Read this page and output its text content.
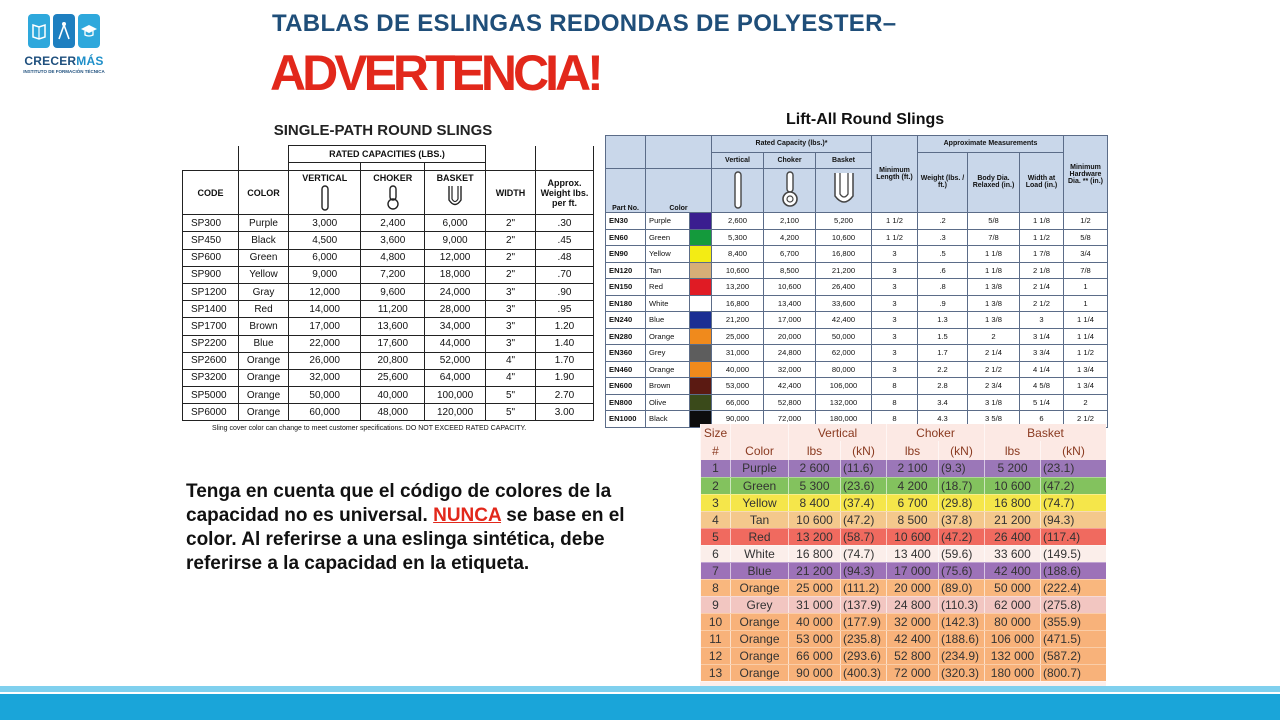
CRECERMÁS
INSTITUTO DE FORMACIÓN TÉCNICA
TABLAS DE ESLINGAS REDONDAS DE POLYESTER–
ADVERTENCIA!
SINGLE-PATH ROUND SLINGS
		RATED CAPACITIES (LBS.)				

CODE	COLOR	VERTICAL	CHOKER	BASKET	WIDTH	Approx. Weight lbs. per ft.
SP300	Purple	3,000	2,400	6,000	2"	.30
SP450	Black	4,500	3,600	9,000	2"	.45
SP600	Green	6,000	4,800	12,000	2"	.48
SP900	Yellow	9,000	7,200	18,000	2"	.70
SP1200	Gray	12,000	9,600	24,000	3"	.90
SP1400	Red	14,000	11,200	28,000	3"	.95
SP1700	Brown	17,000	13,600	34,000	3"	1.20
SP2200	Blue	22,000	17,600	44,000	3"	1.40
SP2600	Orange	26,000	20,800	52,000	4"	1.70
SP3200	Orange	32,000	25,600	64,000	4"	1.90
SP5000	Orange	50,000	40,000	100,000	5"	2.70
SP6000	Orange	60,000	48,000	120,000	5"	3.00
Sling cover color can change to meet customer specifications. DO NOT EXCEED RATED CAPACITY.
Lift-All Round Slings
			Rated Capacity (lbs.)*			Minimum Length (ft.)	Approximate Measurements			Minimum Hardware Dia. ** (in.)
			Vertical	Choker	Basket		Weight (lbs. / ft.)	Body Dia. Relaxed (in.)	Width at Load (in.)	
Part No.	Color			
EN30	Purple		2,600	2,100	5,200	1 1/2	.2	5/8	1 1/8	1/2
EN60	Green		5,300	4,200	10,600	1 1/2	.3	7/8	1 1/2	5/8
EN90	Yellow		8,400	6,700	16,800	3	.5	1 1/8	1 7/8	3/4
EN120	Tan		10,600	8,500	21,200	3	.6	1 1/8	2 1/8	7/8
EN150	Red		13,200	10,600	26,400	3	.8	1 3/8	2 1/4	1
EN180	White		16,800	13,400	33,600	3	.9	1 3/8	2 1/2	1
EN240	Blue		21,200	17,000	42,400	3	1.3	1 3/8	3	1 1/4
EN280	Orange		25,000	20,000	50,000	3	1.5	2	3 1/4	1 1/4
EN360	Grey		31,000	24,800	62,000	3	1.7	2 1/4	3 3/4	1 1/2
EN460	Orange		40,000	32,000	80,000	3	2.2	2 1/2	4 1/4	1 3/4
EN600	Brown		53,000	42,400	106,000	8	2.8	2 3/4	4 5/8	1 3/4
EN800	Olive		66,000	52,800	132,000	8	3.4	3 1/8	5 1/4	2
EN1000	Black		90,000	72,000	180,000	8	4.3	3 5/8	6	2 1/2
Size		Vertical		Choker		Basket	
#	Color	lbs	(kN)	lbs	(kN)	lbs	(kN)
1	Purple	2 600	(11.6)	2 100	(9.3)	5 200	(23.1)
2	Green	5 300	(23.6)	4 200	(18.7)	10 600	(47.2)
3	Yellow	8 400	(37.4)	6 700	(29.8)	16 800	(74.7)
4	Tan	10 600	(47.2)	8 500	(37.8)	21 200	(94.3)
5	Red	13 200	(58.7)	10 600	(47.2)	26 400	(117.4)
6	White	16 800	(74.7)	13 400	(59.6)	33 600	(149.5)
7	Blue	21 200	(94.3)	17 000	(75.6)	42 400	(188.6)
8	Orange	25 000	(111.2)	20 000	(89.0)	50 000	(222.4)
9	Grey	31 000	(137.9)	24 800	(110.3)	62 000	(275.8)
10	Orange	40 000	(177.9)	32 000	(142.3)	80 000	(355.9)
11	Orange	53 000	(235.8)	42 400	(188.6)	106 000	(471.5)
12	Orange	66 000	(293.6)	52 800	(234.9)	132 000	(587.2)
13	Orange	90 000	(400.3)	72 000	(320.3)	180 000	(800.7)
Tenga en cuenta que el código de colores de la capacidad no es universal. NUNCA se base en el color. Al referirse a una eslinga sintética, debe referirse a la capacidad en la etiqueta.
